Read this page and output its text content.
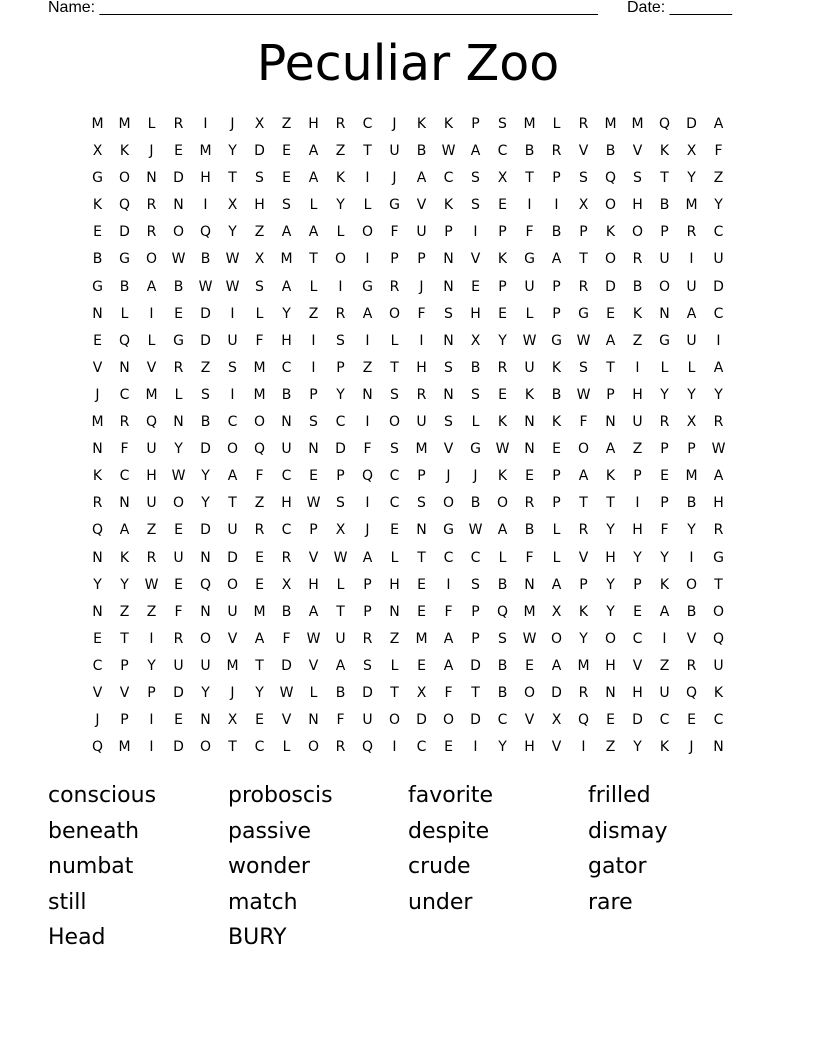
Name: ________________________________________________________ Date: _______
Peculiar Zoo
M	M	L	R	I	J	X	Z	H	R	C	J	K	K	P	S	M	L	R	M	M	Q	D	A
X	K	J	E	M	Y	D	E	A	Z	T	U	B	W	A	C	B	R	V	B	V	K	X	F
G	O	N	D	H	T	S	E	A	K	I	J	A	C	S	X	T	P	S	Q	S	T	Y	Z
K	Q	R	N	I	X	H	S	L	Y	L	G	V	K	S	E	I	I	X	O	H	B	M	Y
E	D	R	O	Q	Y	Z	A	A	L	O	F	U	P	I	P	F	B	P	K	O	P	R	C
B	G	O	W	B	W	X	M	T	O	I	P	P	N	V	K	G	A	T	O	R	U	I	U
G	B	A	B	W W	S	A	L	I	G	R	J	N	E	P	U	P	R	D	B	O	U	D
N	L	I	E	D	I	L	Y	Z	R	A	O	F	S	H	E	L	P	G	E	K	N	A	C
E	Q	L	G	D	U	F	H	I	S	I	L	I	N	X	Y	W	G	W	A	Z	G	U	I
V	N	V	R	Z	S	M	C	I	P	Z	T	H	S	B	R	U	K	S	T	I	L	L	A
J	C	M	L	S	I	M	B	P	Y	N	S	R	N	S	E	K	B	W	P	H	Y	Y	Y
M	R	Q	N	B	C	O	N	S	C	I	O	U	S	L	K	N	K	F	N	U	R	X	R
N	F	U	Y	D	O	Q	U	N	D	F	S	M	V	G	W	N	E	O	A	Z	P	P	W
K	C	H	W	Y	A	F	C	E	P	Q	C	P	J	J	K	E	P	A	K	P	E	M	A
R	N	U	O	Y	T	Z	H	W	S	I	C	S	O	B	O	R	P	T	T	I	P	B	H
Q	A	Z	E	D	U	R	C	P	X	J	E	N	G	W	A	B	L	R	Y	H	F	Y	R
N	K	R	U	N	D	E	R	V	W	A	L	T	C	C	L	F	L	V	H	Y	Y	I	G
Y	Y	W	E	Q	O	E	X	H	L	P	H	E	I	S	B	N	A	P	Y	P	K	O	T
N	Z	Z	F	N	U	M	B	A	T	P	N	E	F	P	Q	M	X	K	Y	E	A	B	O
E	T	I	R	O	V	A	F	W	U	R	Z	M	A	P	S	W	O	Y	O	C	I	V	Q
C	P	Y	U	U	M	T	D	V	A	S	L	E	A	D	B	E	A	M	H	V	Z	R	U
V	V	P	D	Y	J	Y	W	L	B	D	T	X	F	T	B	O	D	R	N	H	U	Q	K
J	P	I	E	N	X	E	V	N	F	U	O	D	O	D	C	V	X	Q	E	D	C	E	C
Q	M	I	D	O	T	C	L	O	R	Q	I	C	E	I	Y	H	V	I	Z	Y	K	J	N
conscious	proboscis	favorite	frilled
beneath	passive	despite	dismay
numbat	wonder	crude	gator
still	match	under	rare
Head	BURY
